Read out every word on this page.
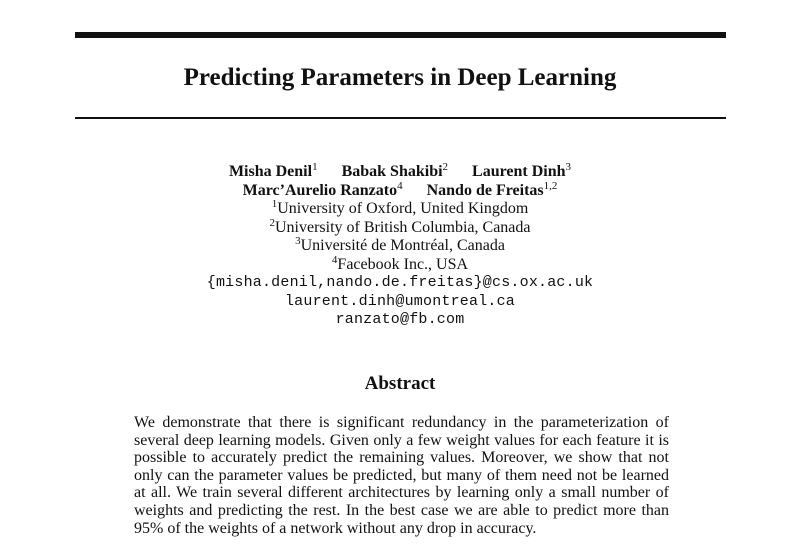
Predicting Parameters in Deep Learning
Misha Denil$^1$ Babak Shakibi$^2$ Laurent Dinh$^3$
Marc’Aurelio Ranzato$^4$ Nando de Freitas$^{1,2}$
$^1$University of Oxford, United Kingdom
$^2$University of British Columbia, Canada
$^3$Université de Montréal, Canada
$^4$Facebook Inc., USA
{misha.denil,nando.de.freitas}@cs.ox.ac.uk
laurent.dinh@umontreal.ca
ranzato@fb.com
Abstract

We demonstrate that there is significant redundancy in the parameterization of several deep learning models. Given only a few weight values for each feature it is possible to accurately predict the remaining values. Moreover, we show that not only can the parameter values be predicted, but many of them need not be learned at all. We train several different architectures by learning only a small number of weights and predicting the rest. In the best case we are able to predict more than 95% of the weights of a network without any drop in accuracy.
